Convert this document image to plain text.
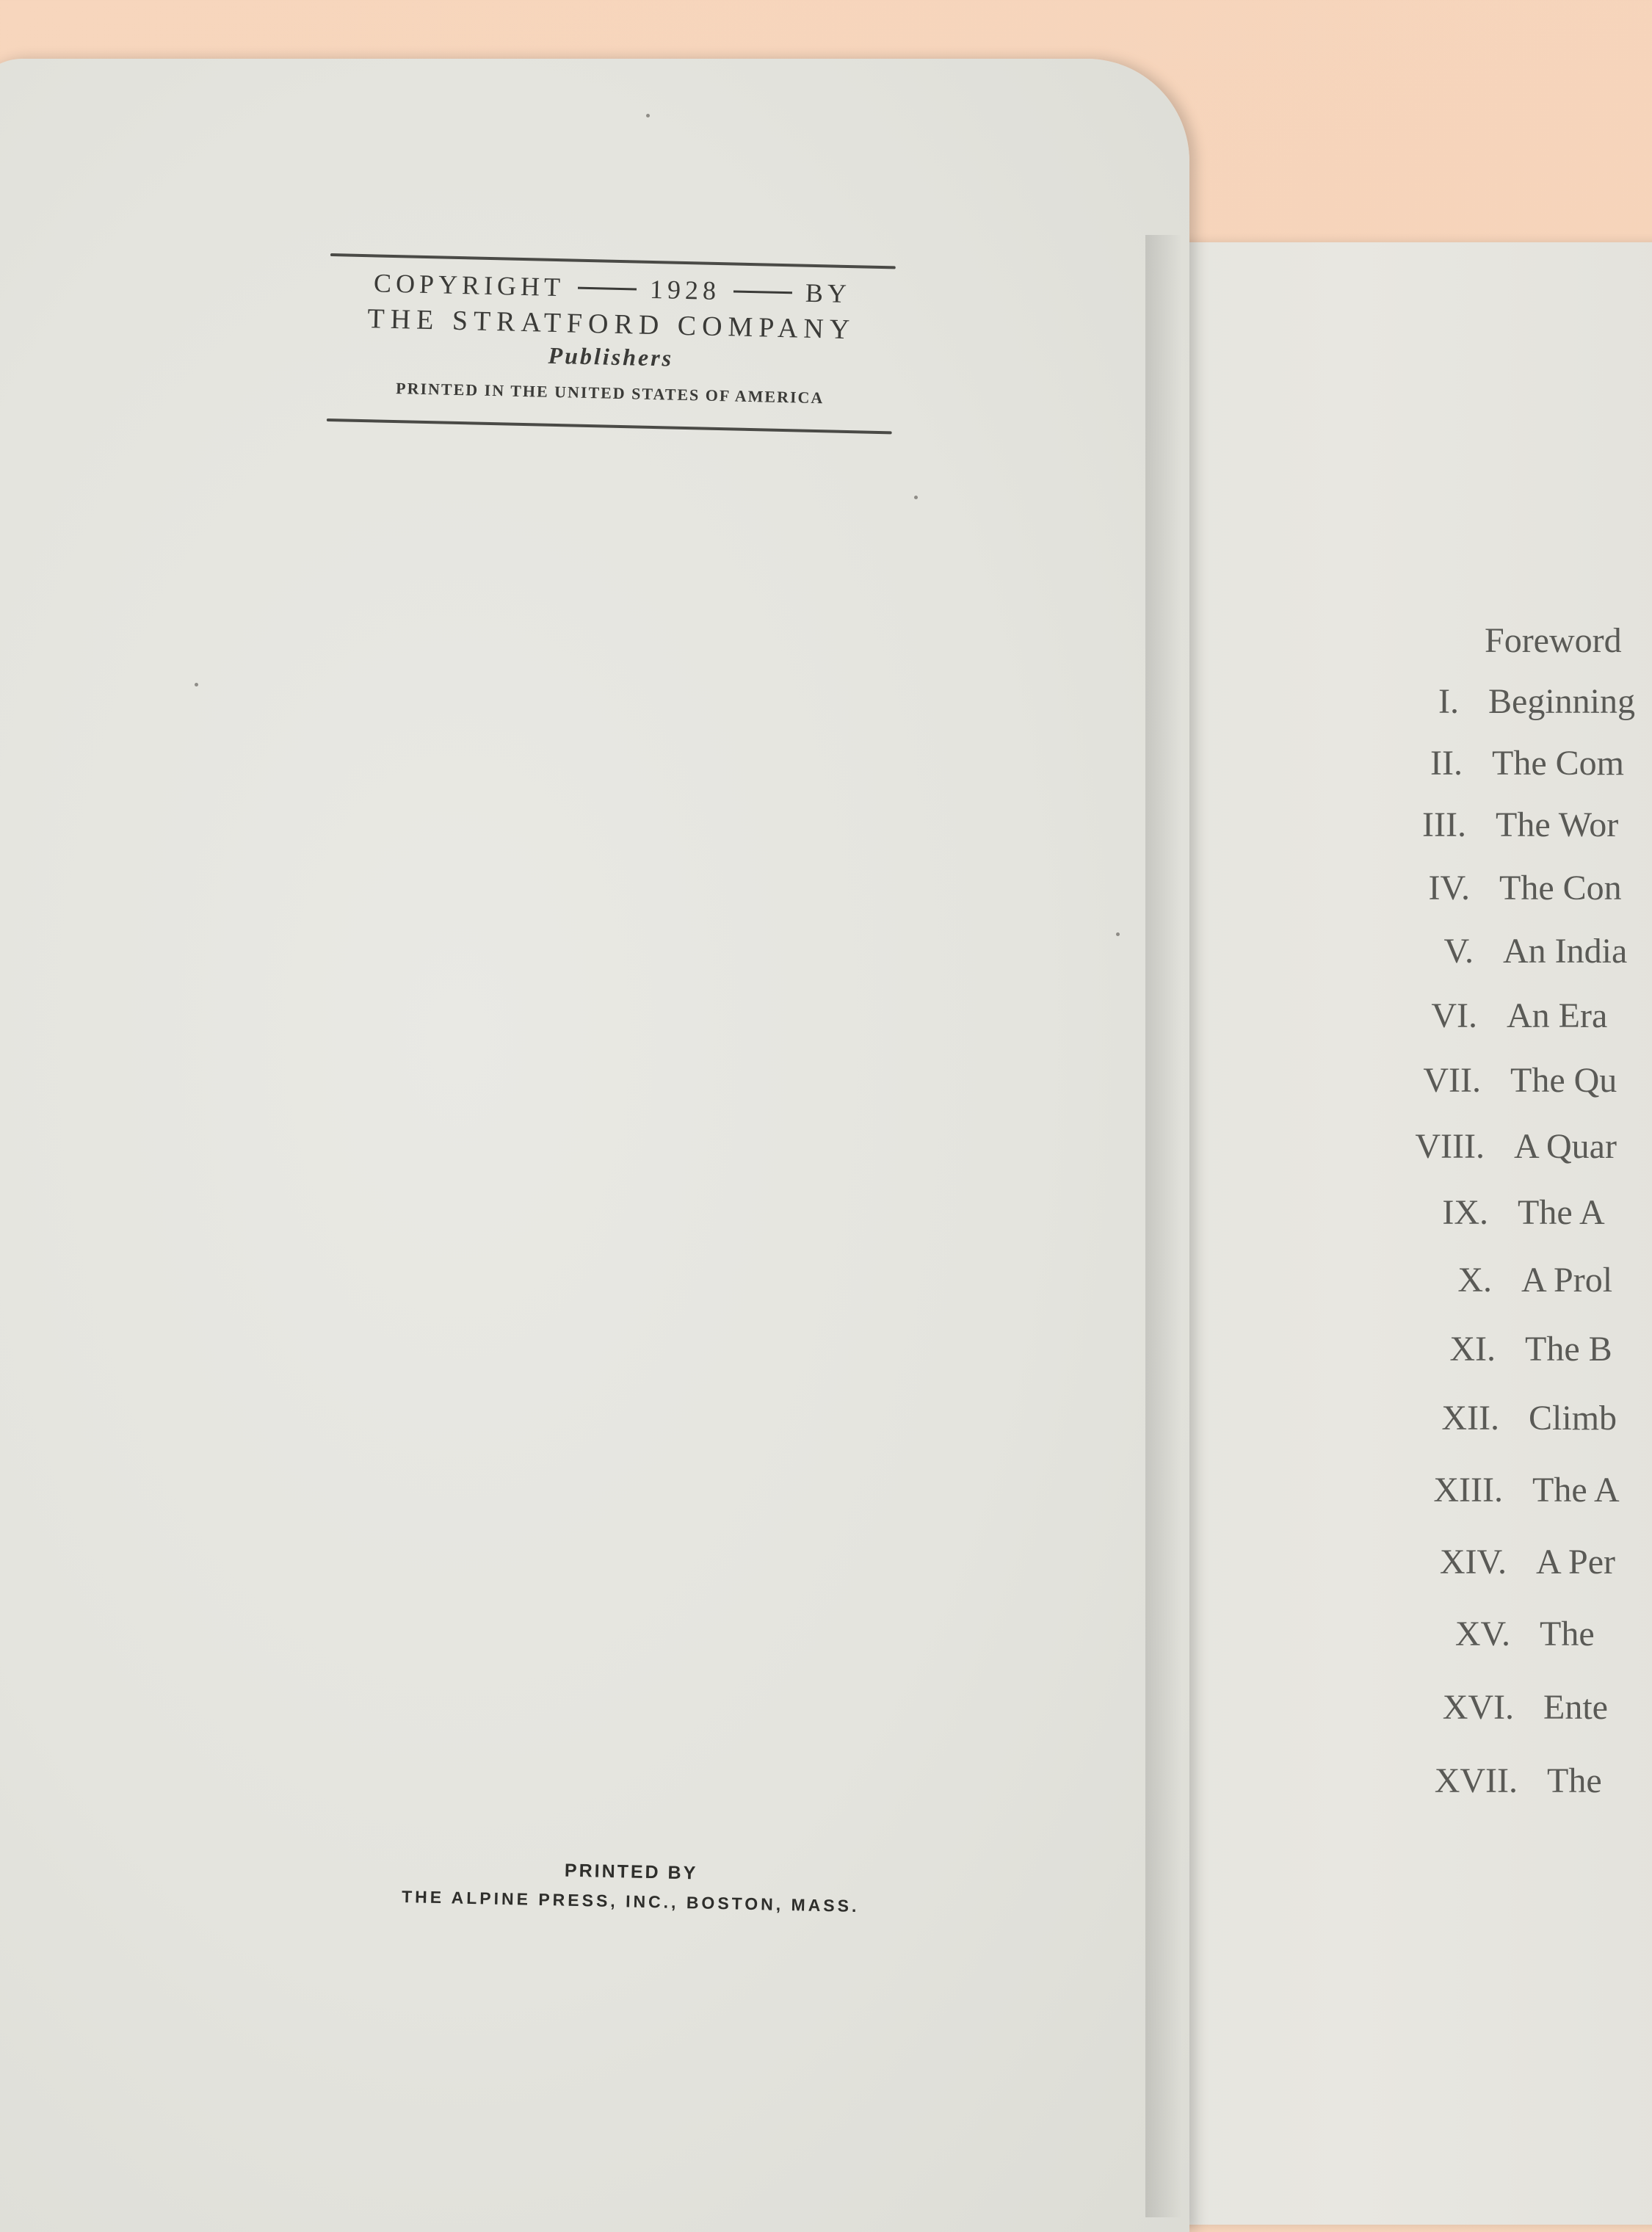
COPYRIGHT	1928	BY
THE STRATFORD COMPANY
Publishers
PRINTED IN THE UNITED STATES OF AMERICA
PRINTED BY
THE ALPINE PRESS, INC., BOSTON, MASS.
Foreword
I. Beginning
II. The Com
III. The Wor
IV. The Con
V. An India
VI. An Era
VII. The Qu
VIII. A Quar
IX. The A
X. A Prol
XI. The B
XII. Climb
XIII. The A
XIV. A Per
XV. The
XVI. Ente
XVII. The
